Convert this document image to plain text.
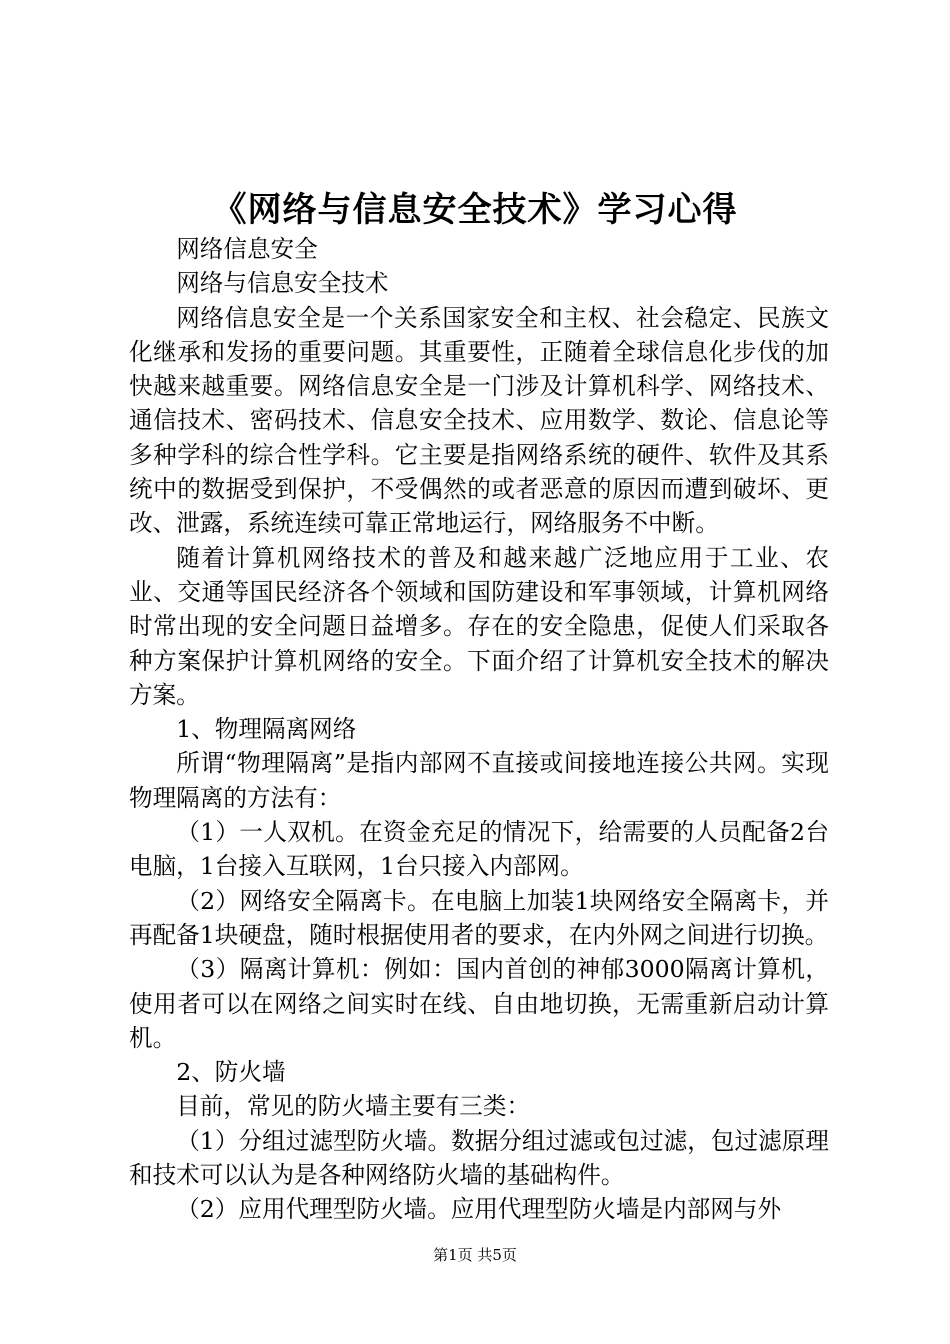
《网络与信息安全技术》学习心得

网络信息安全

网络与信息安全技术

网络信息安全是一个关系国家安全和主权、社会稳定、民族文化继承和发扬的重要问题。其重要性，正随着全球信息化步伐的加快越来越重要。网络信息安全是一门涉及计算机科学、网络技术、通信技术、密码技术、信息安全技术、应用数学、数论、信息论等多种学科的综合性学科。它主要是指网络系统的硬件、软件及其系统中的数据受到保护，不受偶然的或者恶意的原因而遭到破坏、更改、泄露，系统连续可靠正常地运行，网络服务不中断。

随着计算机网络技术的普及和越来越广泛地应用于工业、农业、交通等国民经济各个领域和国防建设和军事领域，计算机网络时常出现的安全问题日益增多。存在的安全隐患，促使人们采取各种方案保护计算机网络的安全。下面介绍了计算机安全技术的解决方案。

1、物理隔离网络

所谓“物理隔离”是指内部网不直接或间接地连接公共网。实现物理隔离的方法有：

（1）一人双机。在资金充足的情况下，给需要的人员配备2台电脑，1台接入互联网，1台只接入内部网。

（2）网络安全隔离卡。在电脑上加装1块网络安全隔离卡，并再配备1块硬盘，随时根据使用者的要求，在内外网之间进行切换。

（3）隔离计算机：例如：国内首创的神郁3000隔离计算机，使用者可以在网络之间实时在线、自由地切换，无需重新启动计算机。

2、防火墙

目前，常见的防火墙主要有三类：

（1）分组过滤型防火墙。数据分组过滤或包过滤，包过滤原理和技术可以认为是各种网络防火墙的基础构件。

（2）应用代理型防火墙。应用代理型防火墙是内部网与外

第1页 共5页
